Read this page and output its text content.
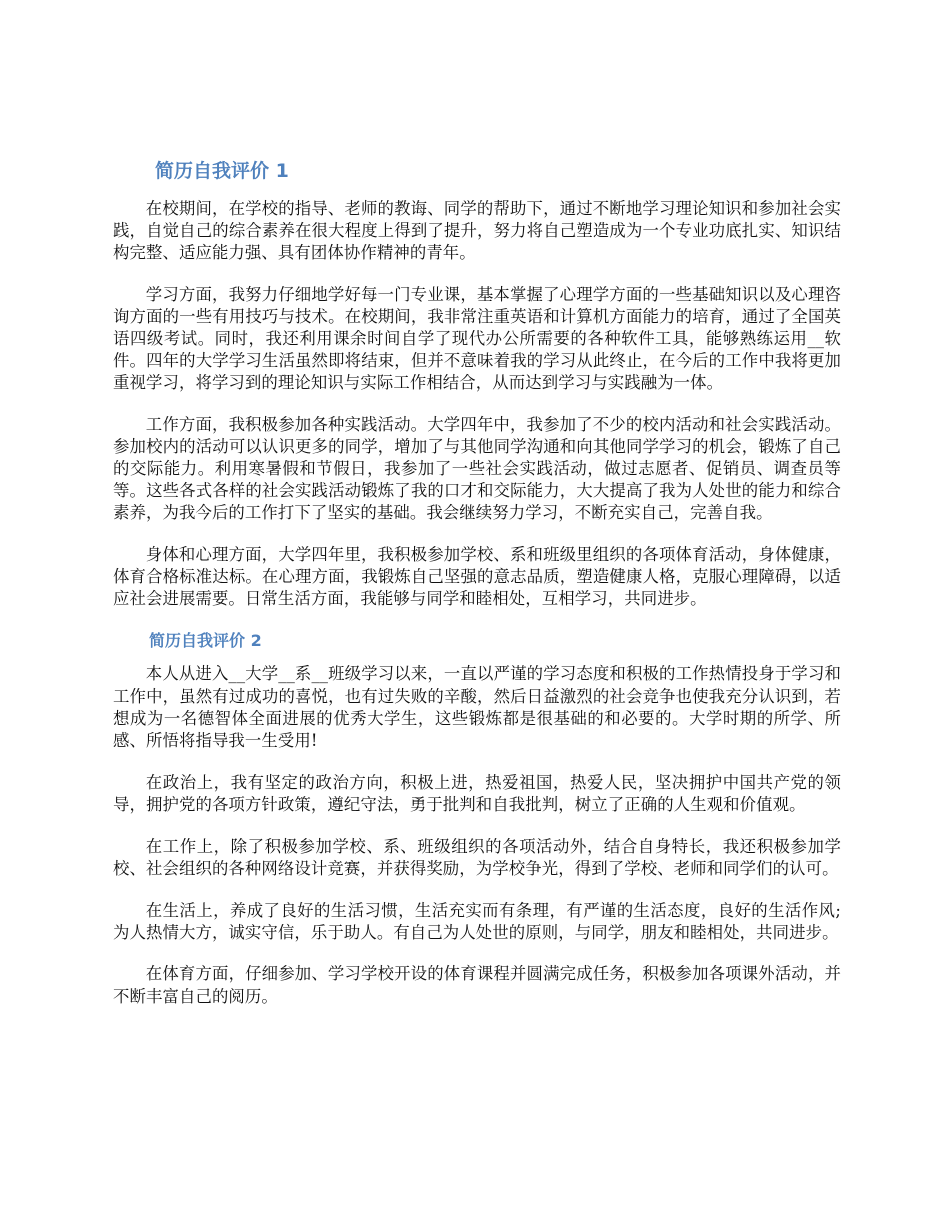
简历自我评价 1

在校期间，在学校的指导、老师的教诲、同学的帮助下，通过不断地学习理论知识和参加社会实践，自觉自己的综合素养在很大程度上得到了提升，努力将自己塑造成为一个专业功底扎实、知识结构完整、适应能力强、具有团体协作精神的青年。

学习方面，我努力仔细地学好每一门专业课，基本掌握了心理学方面的一些基础知识以及心理咨询方面的一些有用技巧与技术。在校期间，我非常注重英语和计算机方面能力的培育，通过了全国英语四级考试。同时，我还利用课余时间自学了现代办公所需要的各种软件工具，能够熟练运用__软件。四年的大学学习生活虽然即将结束，但并不意味着我的学习从此终止，在今后的工作中我将更加重视学习，将学习到的理论知识与实际工作相结合，从而达到学习与实践融为一体。

工作方面，我积极参加各种实践活动。大学四年中，我参加了不少的校内活动和社会实践活动。参加校内的活动可以认识更多的同学，增加了与其他同学沟通和向其他同学学习的机会，锻炼了自己的交际能力。利用寒暑假和节假日，我参加了一些社会实践活动，做过志愿者、促销员、调查员等等。这些各式各样的社会实践活动锻炼了我的口才和交际能力，大大提高了我为人处世的能力和综合素养，为我今后的工作打下了坚实的基础。我会继续努力学习，不断充实自己，完善自我。

身体和心理方面，大学四年里，我积极参加学校、系和班级里组织的各项体育活动，身体健康，体育合格标准达标。在心理方面，我锻炼自己坚强的意志品质，塑造健康人格，克服心理障碍，以适应社会进展需要。日常生活方面，我能够与同学和睦相处，互相学习，共同进步。

简历自我评价 2

本人从进入__大学__系__班级学习以来，一直以严谨的学习态度和积极的工作热情投身于学习和工作中，虽然有过成功的喜悦，也有过失败的辛酸，然后日益激烈的社会竞争也使我充分认识到，若想成为一名德智体全面进展的优秀大学生，这些锻炼都是很基础的和必要的。大学时期的所学、所感、所悟将指导我一生受用!

在政治上，我有坚定的政治方向，积极上进，热爱祖国，热爱人民，坚决拥护中国共产党的领导，拥护党的各项方针政策，遵纪守法，勇于批判和自我批判，树立了正确的人生观和价值观。

在工作上，除了积极参加学校、系、班级组织的各项活动外，结合自身特长，我还积极参加学校、社会组织的各种网络设计竞赛，并获得奖励，为学校争光，得到了学校、老师和同学们的认可。

在生活上，养成了良好的生活习惯，生活充实而有条理，有严谨的生活态度，良好的生活作风;为人热情大方，诚实守信，乐于助人。有自己为人处世的原则，与同学，朋友和睦相处，共同进步。

在体育方面，仔细参加、学习学校开设的体育课程并圆满完成任务，积极参加各项课外活动，并不断丰富自己的阅历。
